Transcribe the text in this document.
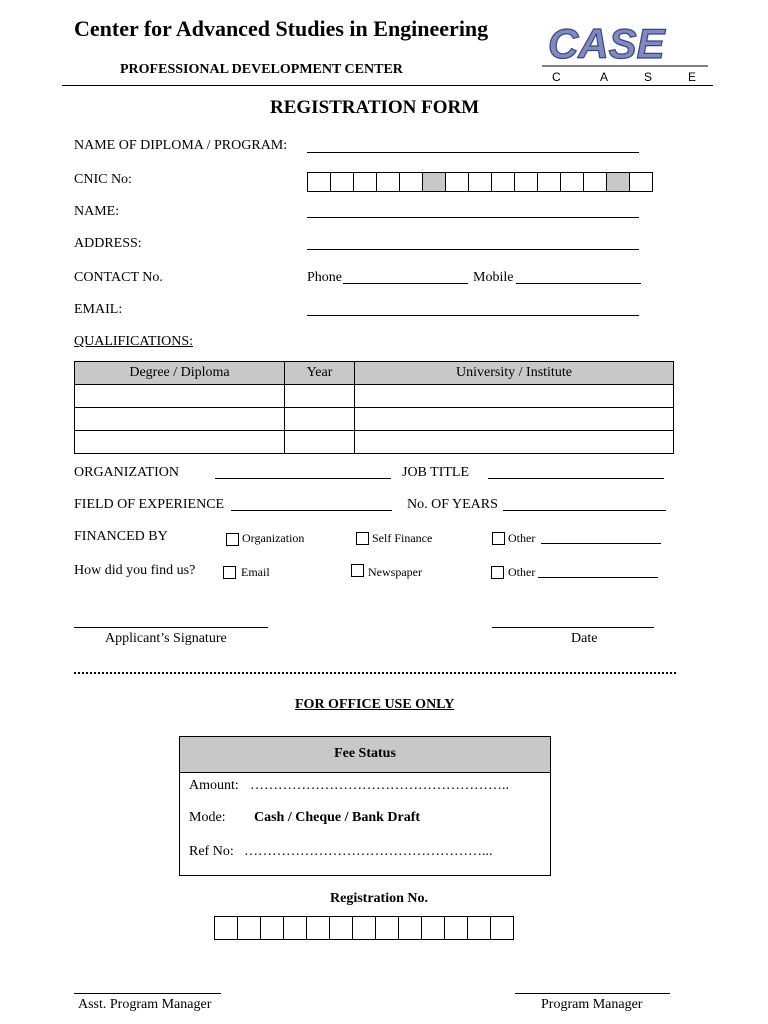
Center for Advanced Studies in Engineering
PROFESSIONAL DEVELOPMENT CENTER
CASE
C	A	S	E
REGISTRATION FORM
NAME OF DIPLOMA / PROGRAM:
CNIC No:
NAME:
ADDRESS:
CONTACT No.	Phone	Mobile
EMAIL:
QUALIFICATIONS:
Degree / Diploma	Year	University / Institute

ORGANIZATION	JOB TITLE
FIELD OF EXPERIENCE	No. OF YEARS
FINANCED BY	Organization	Self Finance	Other
How did you find us?	Email	Newspaper	Other
Applicant’s Signature	Date
FOR OFFICE USE ONLY
Fee Status
Amount: ………………………………………………..
Mode: Cash / Cheque / Bank Draft
Ref No: ……………………………………………...
Registration No.
Asst. Program Manager	Program Manager
